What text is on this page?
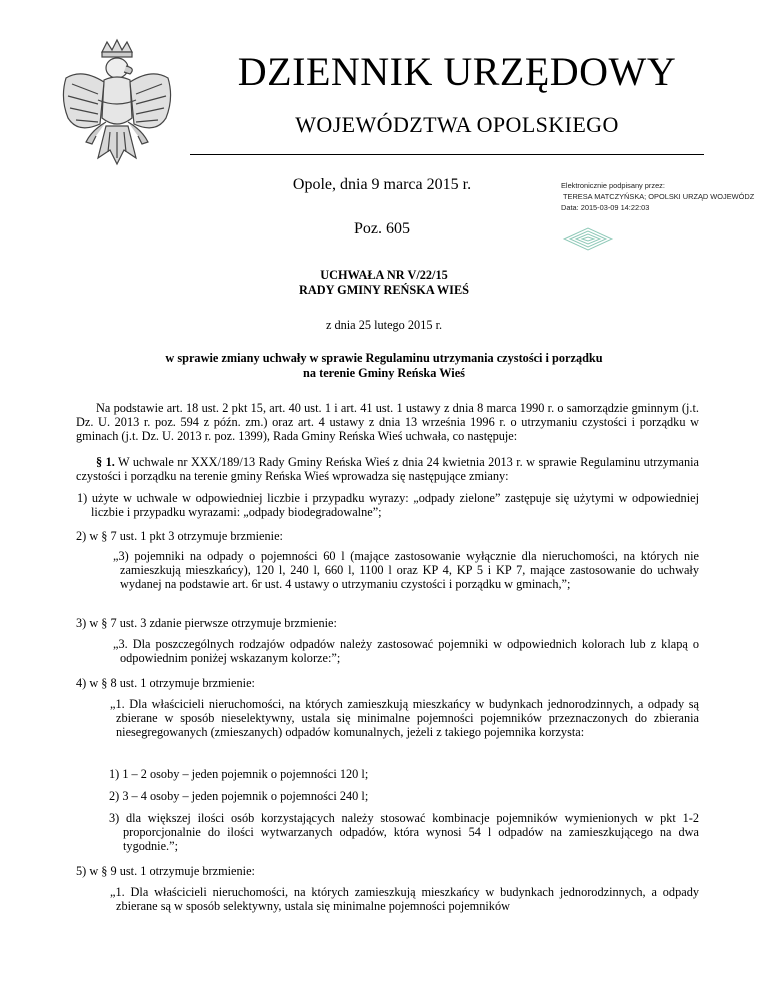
DZIENNIK URZĘDOWY
WOJEWÓDZTWA OPOLSKIEGO
Opole, dnia 9 marca 2015 r.
Poz. 605
Elektronicznie podpisany przez:
TERESA MATCZYŃSKA; OPOLSKI URZĄD WOJEWÓDZ
Data: 2015-03-09 14:22:03
UCHWAŁA NR V/22/15
RADY GMINY REŃSKA WIEŚ
z dnia 25 lutego 2015 r.
w sprawie zmiany uchwały w sprawie Regulaminu utrzymania czystości i porządku
na terenie Gminy Reńska Wieś
Na podstawie art. 18 ust. 2 pkt 15, art. 40 ust. 1 i art. 41 ust. 1 ustawy z dnia 8 marca 1990 r. o samorządzie gminnym (j.t. Dz. U. 2013 r. poz. 594 z późn. zm.) oraz art. 4 ustawy z dnia 13 września 1996 r. o utrzymaniu czystości i porządku w gminach (j.t. Dz. U. 2013 r. poz. 1399), Rada Gminy Reńska Wieś uchwała, co następuje:
§ 1. W uchwale nr XXX/189/13 Rady Gminy Reńska Wieś z dnia 24 kwietnia 2013 r. w sprawie Regulaminu utrzymania czystości i porządku na terenie gminy Reńska Wieś wprowadza się następujące zmiany:
1) użyte w uchwale w odpowiedniej liczbie i przypadku wyrazy: „odpady zielone” zastępuje się użytymi w odpowiedniej liczbie i przypadku wyrazami: „odpady biodegradowalne”;
2) w § 7 ust. 1 pkt 3 otrzymuje brzmienie:
„3) pojemniki na odpady o pojemności 60 l (mające zastosowanie wyłącznie dla nieruchomości, na których nie zamieszkują mieszkańcy), 120 l, 240 l, 660 l, 1100 l oraz KP 4, KP 5 i KP 7, mające zastosowanie do uchwały wydanej na podstawie art. 6r ust. 4 ustawy o utrzymaniu czystości i porządku w gminach,”;
3) w § 7 ust. 3 zdanie pierwsze otrzymuje brzmienie:
„3. Dla poszczególnych rodzajów odpadów należy zastosować pojemniki w odpowiednich kolorach lub z klapą o odpowiednim poniżej wskazanym kolorze:”;
4) w § 8 ust. 1 otrzymuje brzmienie:
„1. Dla właścicieli nieruchomości, na których zamieszkują mieszkańcy w budynkach jednorodzinnych, a odpady są zbierane w sposób nieselektywny, ustala się minimalne pojemności pojemników przeznaczonych do zbierania niesegregowanych (zmieszanych) odpadów komunalnych, jeżeli z takiego pojemnika korzysta:
1) 1 – 2 osoby – jeden pojemnik o pojemności 120 l;
2) 3 – 4 osoby – jeden pojemnik o pojemności 240 l;
3) dla większej ilości osób korzystających należy stosować kombinacje pojemników wymienionych w pkt 1-2 proporcjonalnie do ilości wytwarzanych odpadów, która wynosi 54 l odpadów na zamieszkującego na dwa tygodnie.”;
5) w § 9 ust. 1 otrzymuje brzmienie:
„1. Dla właścicieli nieruchomości, na których zamieszkują mieszkańcy w budynkach jednorodzinnych, a odpady zbierane są w sposób selektywny, ustala się minimalne pojemności pojemników
